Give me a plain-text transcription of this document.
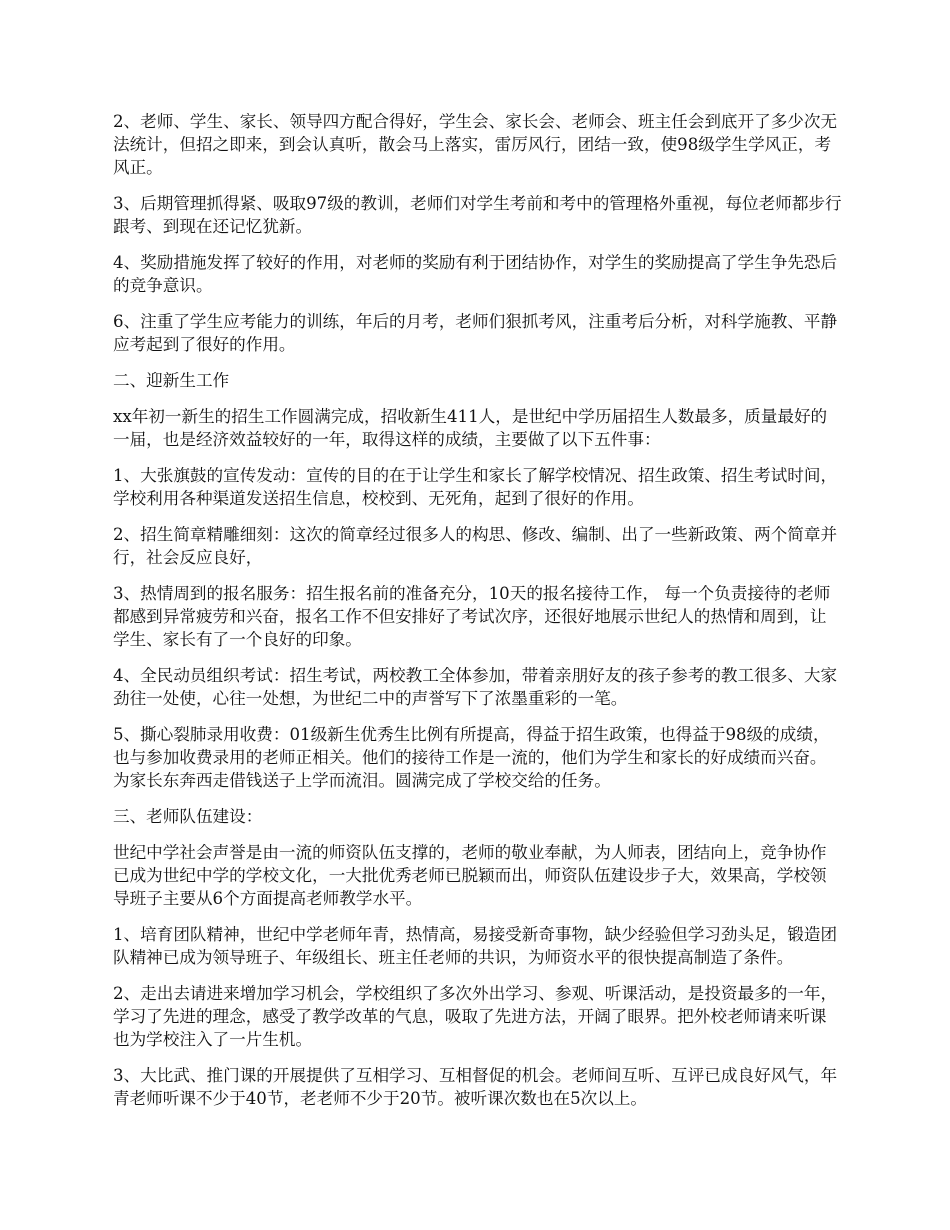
2、老师、学生、家长、领导四方配合得好，学生会、家长会、老师会、班主任会到底开了多少次无法统计，但招之即来，到会认真听，散会马上落实，雷厉风行，团结一致，使98级学生学风正，考风正。

3、后期管理抓得紧、吸取97级的教训，老师们对学生考前和考中的管理格外重视，每位老师都步行跟考、到现在还记忆犹新。

4、奖励措施发挥了较好的作用，对老师的奖励有利于团结协作，对学生的奖励提高了学生争先恐后的竞争意识。

6、注重了学生应考能力的训练，年后的月考，老师们狠抓考风，注重考后分析，对科学施教、平静应考起到了很好的作用。

二、迎新生工作

xx年初一新生的招生工作圆满完成，招收新生411人，是世纪中学历届招生人数最多，质量最好的一届，也是经济效益较好的一年，取得这样的成绩，主要做了以下五件事：

1、大张旗鼓的宣传发动：宣传的目的在于让学生和家长了解学校情况、招生政策、招生考试时间，学校利用各种渠道发送招生信息，校校到、无死角，起到了很好的作用。

2、招生简章精雕细刻：这次的简章经过很多人的构思、修改、编制、出了一些新政策、两个简章并行，社会反应良好，

3、热情周到的报名服务：招生报名前的准备充分，10天的报名接待工作， 每一个负责接待的老师都感到异常疲劳和兴奋，报名工作不但安排好了考试次序，还很好地展示世纪人的热情和周到，让学生、家长有了一个良好的印象。

4、全民动员组织考试：招生考试，两校教工全体参加，带着亲朋好友的孩子参考的教工很多、大家劲往一处使，心往一处想，为世纪二中的声誉写下了浓墨重彩的一笔。

5、撕心裂肺录用收费：01级新生优秀生比例有所提高，得益于招生政策，也得益于98级的成绩，也与参加收费录用的老师正相关。他们的接待工作是一流的，他们为学生和家长的好成绩而兴奋。为家长东奔西走借钱送子上学而流泪。圆满完成了学校交给的任务。

三、老师队伍建设：

世纪中学社会声誉是由一流的师资队伍支撑的，老师的敬业奉献，为人师表，团结向上，竞争协作已成为世纪中学的学校文化，一大批优秀老师已脱颖而出，师资队伍建设步子大，效果高，学校领导班子主要从6个方面提高老师教学水平。

1、培育团队精神，世纪中学老师年青，热情高，易接受新奇事物，缺少经验但学习劲头足，锻造团队精神已成为领导班子、年级组长、班主任老师的共识，为师资水平的很快提高制造了条件。

2、走出去请进来增加学习机会，学校组织了多次外出学习、参观、听课活动，是投资最多的一年，学习了先进的理念，感受了教学改革的气息，吸取了先进方法，开阔了眼界。把外校老师请来听课也为学校注入了一片生机。

3、大比武、推门课的开展提供了互相学习、互相督促的机会。老师间互听、互评已成良好风气，年青老师听课不少于40节，老老师不少于20节。被听课次数也在5次以上。
